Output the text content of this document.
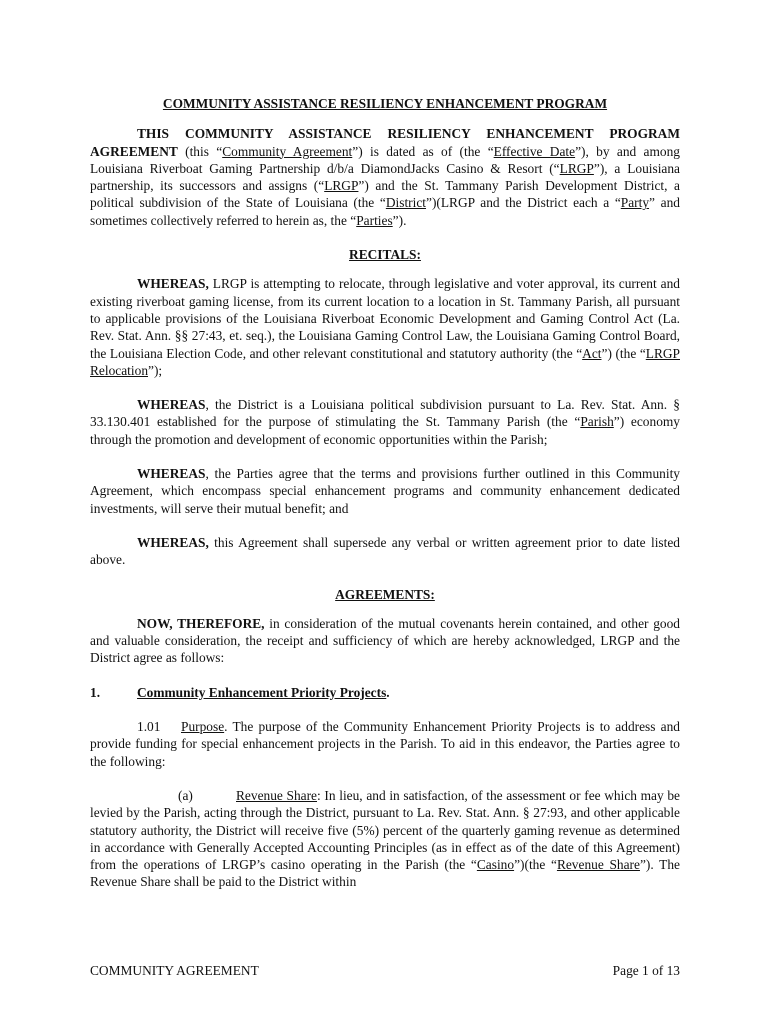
COMMUNITY ASSISTANCE RESILIENCY ENHANCEMENT PROGRAM

THIS COMMUNITY ASSISTANCE RESILIENCY ENHANCEMENT PROGRAM AGREEMENT (this “Community Agreement”) is dated as of (the “Effective Date”), by and among Louisiana Riverboat Gaming Partnership d/b/a DiamondJacks Casino & Resort (“LRGP”), a Louisiana partnership, its successors and assigns (“LRGP”) and the St. Tammany Parish Development District, a political subdivision of the State of Louisiana (the “District”)(LRGP and the District each a “Party” and sometimes collectively referred to herein as, the “Parties”).

RECITALS:

WHEREAS, LRGP is attempting to relocate, through legislative and voter approval, its current and existing riverboat gaming license, from its current location to a location in St. Tammany Parish, all pursuant to applicable provisions of the Louisiana Riverboat Economic Development and Gaming Control Act (La. Rev. Stat. Ann. §§ 27:43, et. seq.), the Louisiana Gaming Control Law, the Louisiana Gaming Control Board, the Louisiana Election Code, and other relevant constitutional and statutory authority (the “Act”) (the “LRGP Relocation”);

WHEREAS, the District is a Louisiana political subdivision pursuant to La. Rev. Stat. Ann. § 33.130.401 established for the purpose of stimulating the St. Tammany Parish (the “Parish”) economy through the promotion and development of economic opportunities within the Parish;

WHEREAS, the Parties agree that the terms and provisions further outlined in this Community Agreement, which encompass special enhancement programs and community enhancement dedicated investments, will serve their mutual benefit; and

WHEREAS, this Agreement shall supersede any verbal or written agreement prior to date listed above.

AGREEMENTS:

NOW, THEREFORE, in consideration of the mutual covenants herein contained, and other good and valuable consideration, the receipt and sufficiency of which are hereby acknowledged, LRGP and the District agree as follows:

1.	Community Enhancement Priority Projects.

1.01 Purpose. The purpose of the Community Enhancement Priority Projects is to address and provide funding for special enhancement projects in the Parish. To aid in this endeavor, the Parties agree to the following:

(a)	Revenue Share: In lieu, and in satisfaction, of the assessment or fee which may be levied by the Parish, acting through the District, pursuant to La. Rev. Stat. Ann. § 27:93, and other applicable statutory authority, the District will receive five (5%) percent of the quarterly gaming revenue as determined in accordance with Generally Accepted Accounting Principles (as in effect as of the date of this Agreement) from the operations of LRGP’s casino operating in the Parish (the “Casino”)(the “Revenue Share”). The Revenue Share shall be paid to the District within

COMMUNITY AGREEMENT	Page 1 of 13
